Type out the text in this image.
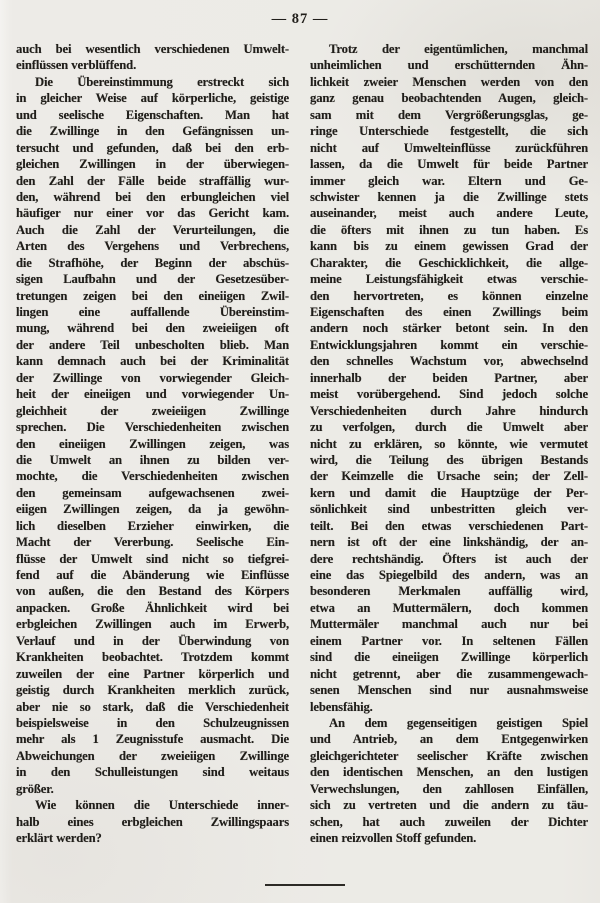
— 87 —
auch bei wesentlich verschiedenen Umwelt-
einflüssen verblüffend.
Die Übereinstimmung erstreckt sich
in gleicher Weise auf körperliche, geistige
und seelische Eigenschaften. Man hat
die Zwillinge in den Gefängnissen un-
tersucht und gefunden, daß bei den erb-
gleichen Zwillingen in der überwiegen-
den Zahl der Fälle beide straffällig wur-
den, während bei den erbungleichen viel
häufiger nur einer vor das Gericht kam.
Auch die Zahl der Verurteilungen, die
Arten des Vergehens und Verbrechens,
die Strafhöhe, der Beginn der abschüs-
sigen Laufbahn und der Gesetzesüber-
tretungen zeigen bei den eineiigen Zwil-
lingen eine auffallende Übereinstim-
mung, während bei den zweieiigen oft
der andere Teil unbescholten blieb. Man
kann demnach auch bei der Kriminalität
der Zwillinge von vorwiegender Gleich-
heit der eineiigen und vorwiegender Un-
gleichheit der zweieiigen Zwillinge
sprechen. Die Verschiedenheiten zwischen
den eineiigen Zwillingen zeigen, was
die Umwelt an ihnen zu bilden ver-
mochte, die Verschiedenheiten zwischen
den gemeinsam aufgewachsenen zwei-
eiigen Zwillingen zeigen, da ja gewöhn-
lich dieselben Erzieher einwirken, die
Macht der Vererbung. Seelische Ein-
flüsse der Umwelt sind nicht so tiefgrei-
fend auf die Abänderung wie Einflüsse
von außen, die den Bestand des Körpers
anpacken. Große Ähnlichkeit wird bei
erbgleichen Zwillingen auch im Erwerb,
Verlauf und in der Überwindung von
Krankheiten beobachtet. Trotzdem kommt
zuweilen der eine Partner körperlich und
geistig durch Krankheiten merklich zurück,
aber nie so stark, daß die Verschiedenheit
beispielsweise in den Schulzeugnissen
mehr als 1 Zeugnisstufe ausmacht. Die
Abweichungen der zweieiigen Zwillinge
in den Schulleistungen sind weitaus
größer.
Wie können die Unterschiede inner-
halb eines erbgleichen Zwillingspaars
erklärt werden?
Trotz der eigentümlichen, manchmal
unheimlichen und erschütternden Ähn-
lichkeit zweier Menschen werden von den
ganz genau beobachtenden Augen, gleich-
sam mit dem Vergrößerungsglas, ge-
ringe Unterschiede festgestellt, die sich
nicht auf Umwelteinflüsse zurückführen
lassen, da die Umwelt für beide Partner
immer gleich war. Eltern und Ge-
schwister kennen ja die Zwillinge stets
auseinander, meist auch andere Leute,
die öfters mit ihnen zu tun haben. Es
kann bis zu einem gewissen Grad der
Charakter, die Geschicklichkeit, die allge-
meine Leistungsfähigkeit etwas verschie-
den hervortreten, es können einzelne
Eigenschaften des einen Zwillings beim
andern noch stärker betont sein. In den
Entwicklungsjahren kommt ein verschie-
den schnelles Wachstum vor, abwechselnd
innerhalb der beiden Partner, aber
meist vorübergehend. Sind jedoch solche
Verschiedenheiten durch Jahre hindurch
zu verfolgen, durch die Umwelt aber
nicht zu erklären, so könnte, wie vermutet
wird, die Teilung des übrigen Bestands
der Keimzelle die Ursache sein; der Zell-
kern und damit die Hauptzüge der Per-
sönlichkeit sind unbestritten gleich ver-
teilt. Bei den etwas verschiedenen Part-
nern ist oft der eine linkshändig, der an-
dere rechtshändig. Öfters ist auch der
eine das Spiegelbild des andern, was an
besonderen Merkmalen auffällig wird,
etwa an Muttermälern, doch kommen
Muttermäler manchmal auch nur bei
einem Partner vor. In seltenen Fällen
sind die eineiigen Zwillinge körperlich
nicht getrennt, aber die zusammengewach-
senen Menschen sind nur ausnahmsweise
lebensfähig.
An dem gegenseitigen geistigen Spiel
und Antrieb, an dem Entgegenwirken
gleichgerichteter seelischer Kräfte zwischen
den identischen Menschen, an den lustigen
Verwechslungen, den zahllosen Einfällen,
sich zu vertreten und die andern zu täu-
schen, hat auch zuweilen der Dichter
einen reizvollen Stoff gefunden.
